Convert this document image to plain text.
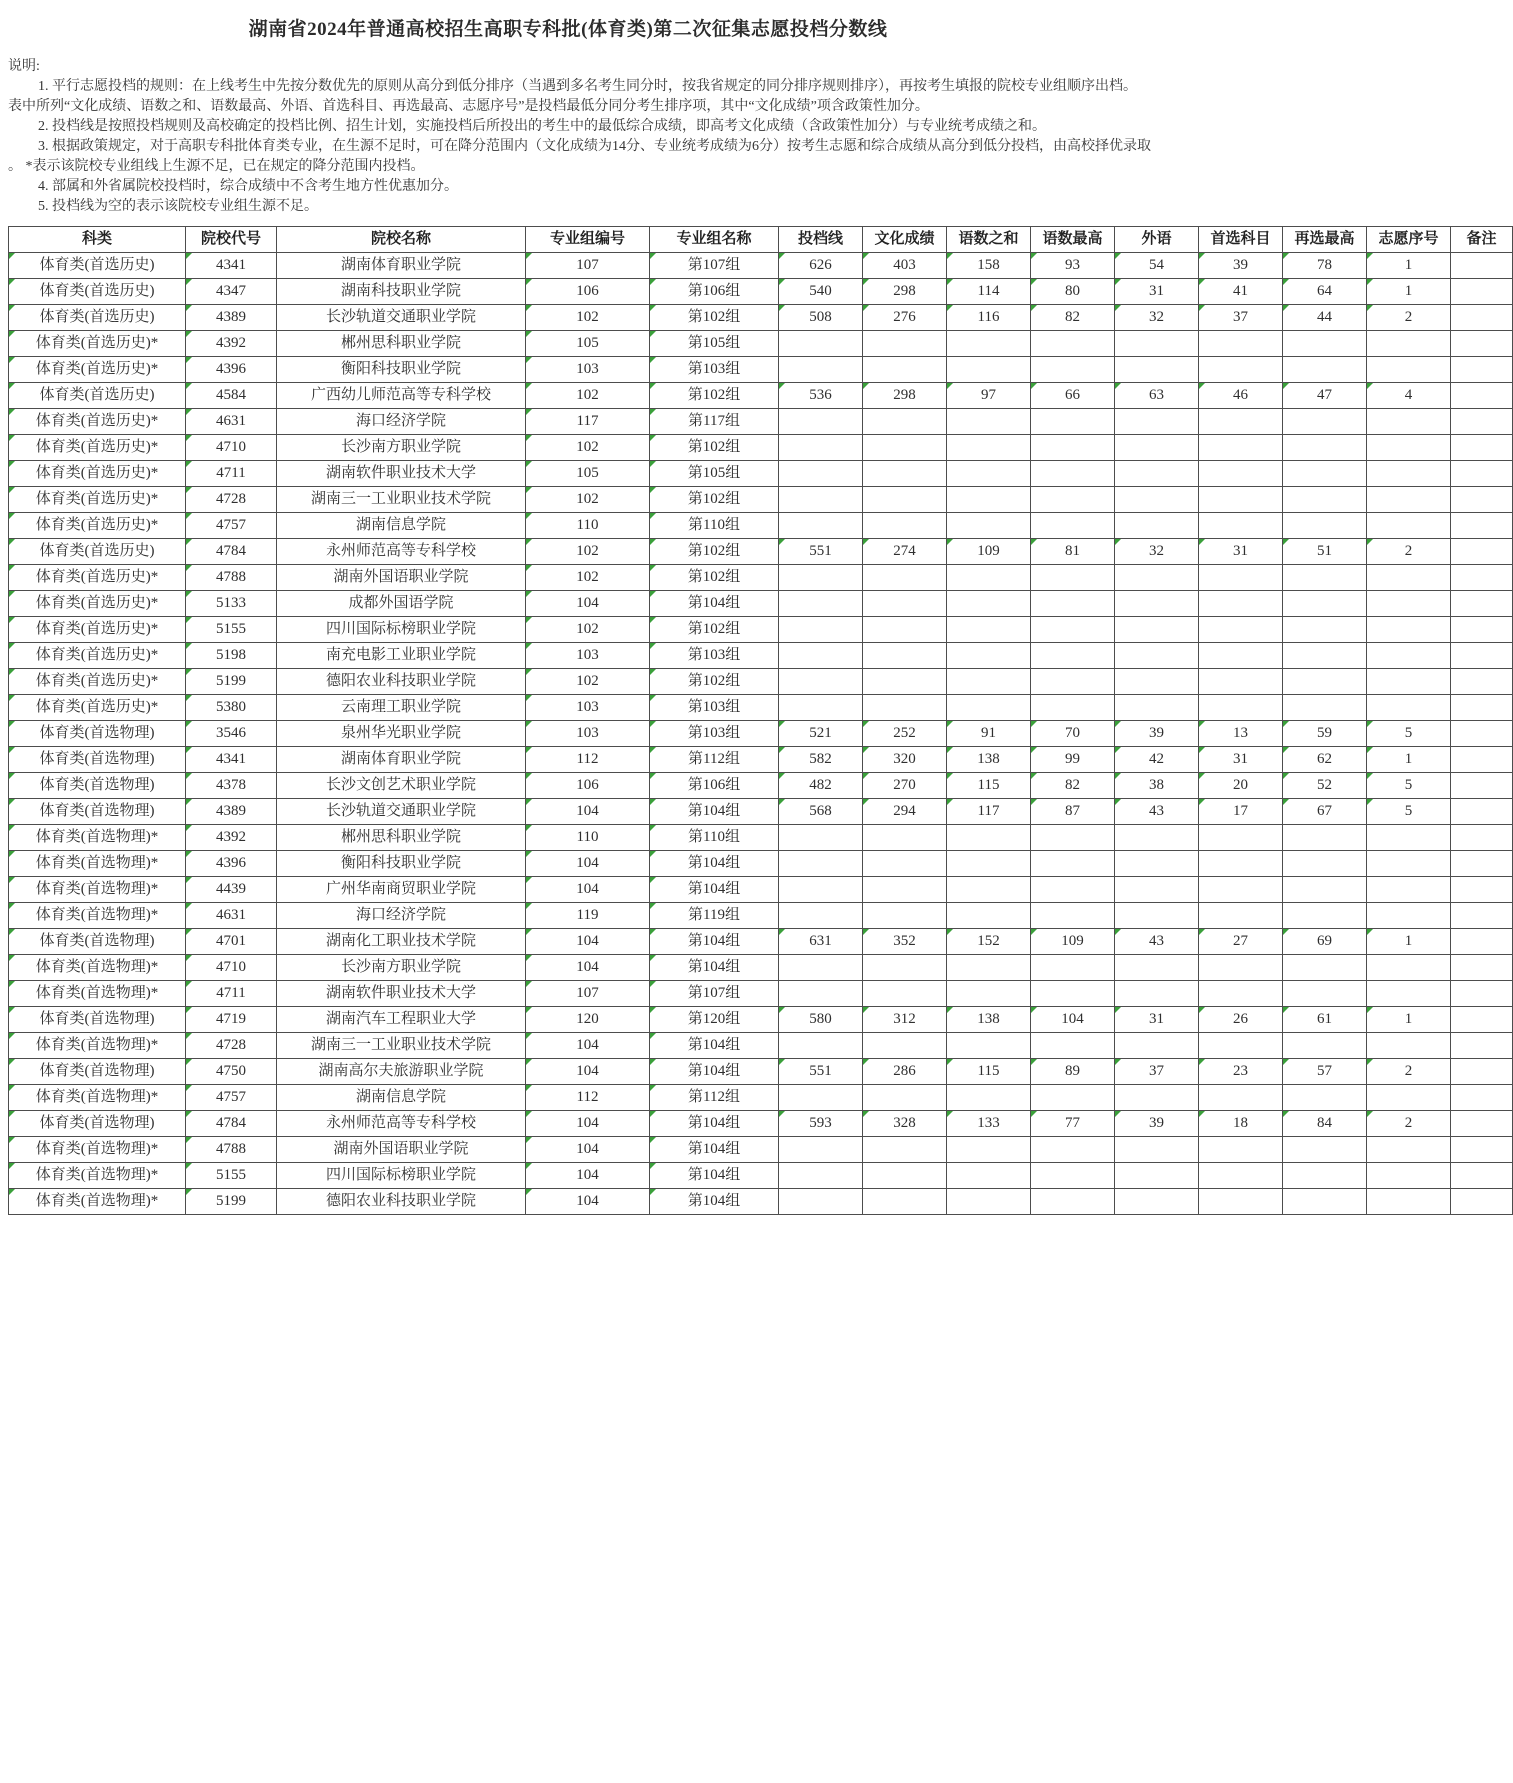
湖南省2024年普通高校招生高职专科批(体育类)第二次征集志愿投档分数线
说明:
1. 平行志愿投档的规则：在上线考生中先按分数优先的原则从高分到低分排序（当遇到多名考生同分时，按我省规定的同分排序规则排序），再按考生填报的院校专业组顺序出档。
表中所列“文化成绩、语数之和、语数最高、外语、首选科目、再选最高、志愿序号”是投档最低分同分考生排序项，其中“文化成绩”项含政策性加分。
2. 投档线是按照投档规则及高校确定的投档比例、招生计划，实施投档后所投出的考生中的最低综合成绩，即高考文化成绩（含政策性加分）与专业统考成绩之和。
3. 根据政策规定，对于高职专科批体育类专业，在生源不足时，可在降分范围内（文化成绩为14分、专业统考成绩为6分）按考生志愿和综合成绩从高分到低分投档，由高校择优录取
。 *表示该院校专业组线上生源不足，已在规定的降分范围内投档。
4. 部属和外省属院校投档时，综合成绩中不含考生地方性优惠加分。
5. 投档线为空的表示该院校专业组生源不足。
科类	院校代号	院校名称	专业组编号	专业组名称	投档线	文化成绩	语数之和	语数最高	外语	首选科目	再选最高	志愿序号	备注
体育类(首选历史)	4341	湖南体育职业学院	107	第107组	626	403	158	93	54	39	78	1	
体育类(首选历史)	4347	湖南科技职业学院	106	第106组	540	298	114	80	31	41	64	1	
体育类(首选历史)	4389	长沙轨道交通职业学院	102	第102组	508	276	116	82	32	37	44	2	
体育类(首选历史)*	4392	郴州思科职业学院	105	第105组									
体育类(首选历史)*	4396	衡阳科技职业学院	103	第103组									
体育类(首选历史)	4584	广西幼儿师范高等专科学校	102	第102组	536	298	97	66	63	46	47	4	
体育类(首选历史)*	4631	海口经济学院	117	第117组									
体育类(首选历史)*	4710	长沙南方职业学院	102	第102组									
体育类(首选历史)*	4711	湖南软件职业技术大学	105	第105组									
体育类(首选历史)*	4728	湖南三一工业职业技术学院	102	第102组									
体育类(首选历史)*	4757	湖南信息学院	110	第110组									
体育类(首选历史)	4784	永州师范高等专科学校	102	第102组	551	274	109	81	32	31	51	2	
体育类(首选历史)*	4788	湖南外国语职业学院	102	第102组									
体育类(首选历史)*	5133	成都外国语学院	104	第104组									
体育类(首选历史)*	5155	四川国际标榜职业学院	102	第102组									
体育类(首选历史)*	5198	南充电影工业职业学院	103	第103组									
体育类(首选历史)*	5199	德阳农业科技职业学院	102	第102组									
体育类(首选历史)*	5380	云南理工职业学院	103	第103组									
体育类(首选物理)	3546	泉州华光职业学院	103	第103组	521	252	91	70	39	13	59	5	
体育类(首选物理)	4341	湖南体育职业学院	112	第112组	582	320	138	99	42	31	62	1	
体育类(首选物理)	4378	长沙文创艺术职业学院	106	第106组	482	270	115	82	38	20	52	5	
体育类(首选物理)	4389	长沙轨道交通职业学院	104	第104组	568	294	117	87	43	17	67	5	
体育类(首选物理)*	4392	郴州思科职业学院	110	第110组									
体育类(首选物理)*	4396	衡阳科技职业学院	104	第104组									
体育类(首选物理)*	4439	广州华南商贸职业学院	104	第104组									
体育类(首选物理)*	4631	海口经济学院	119	第119组									
体育类(首选物理)	4701	湖南化工职业技术学院	104	第104组	631	352	152	109	43	27	69	1	
体育类(首选物理)*	4710	长沙南方职业学院	104	第104组									
体育类(首选物理)*	4711	湖南软件职业技术大学	107	第107组									
体育类(首选物理)	4719	湖南汽车工程职业大学	120	第120组	580	312	138	104	31	26	61	1	
体育类(首选物理)*	4728	湖南三一工业职业技术学院	104	第104组									
体育类(首选物理)	4750	湖南高尔夫旅游职业学院	104	第104组	551	286	115	89	37	23	57	2	
体育类(首选物理)*	4757	湖南信息学院	112	第112组									
体育类(首选物理)	4784	永州师范高等专科学校	104	第104组	593	328	133	77	39	18	84	2	
体育类(首选物理)*	4788	湖南外国语职业学院	104	第104组									
体育类(首选物理)*	5155	四川国际标榜职业学院	104	第104组									
体育类(首选物理)*	5199	德阳农业科技职业学院	104	第104组									
